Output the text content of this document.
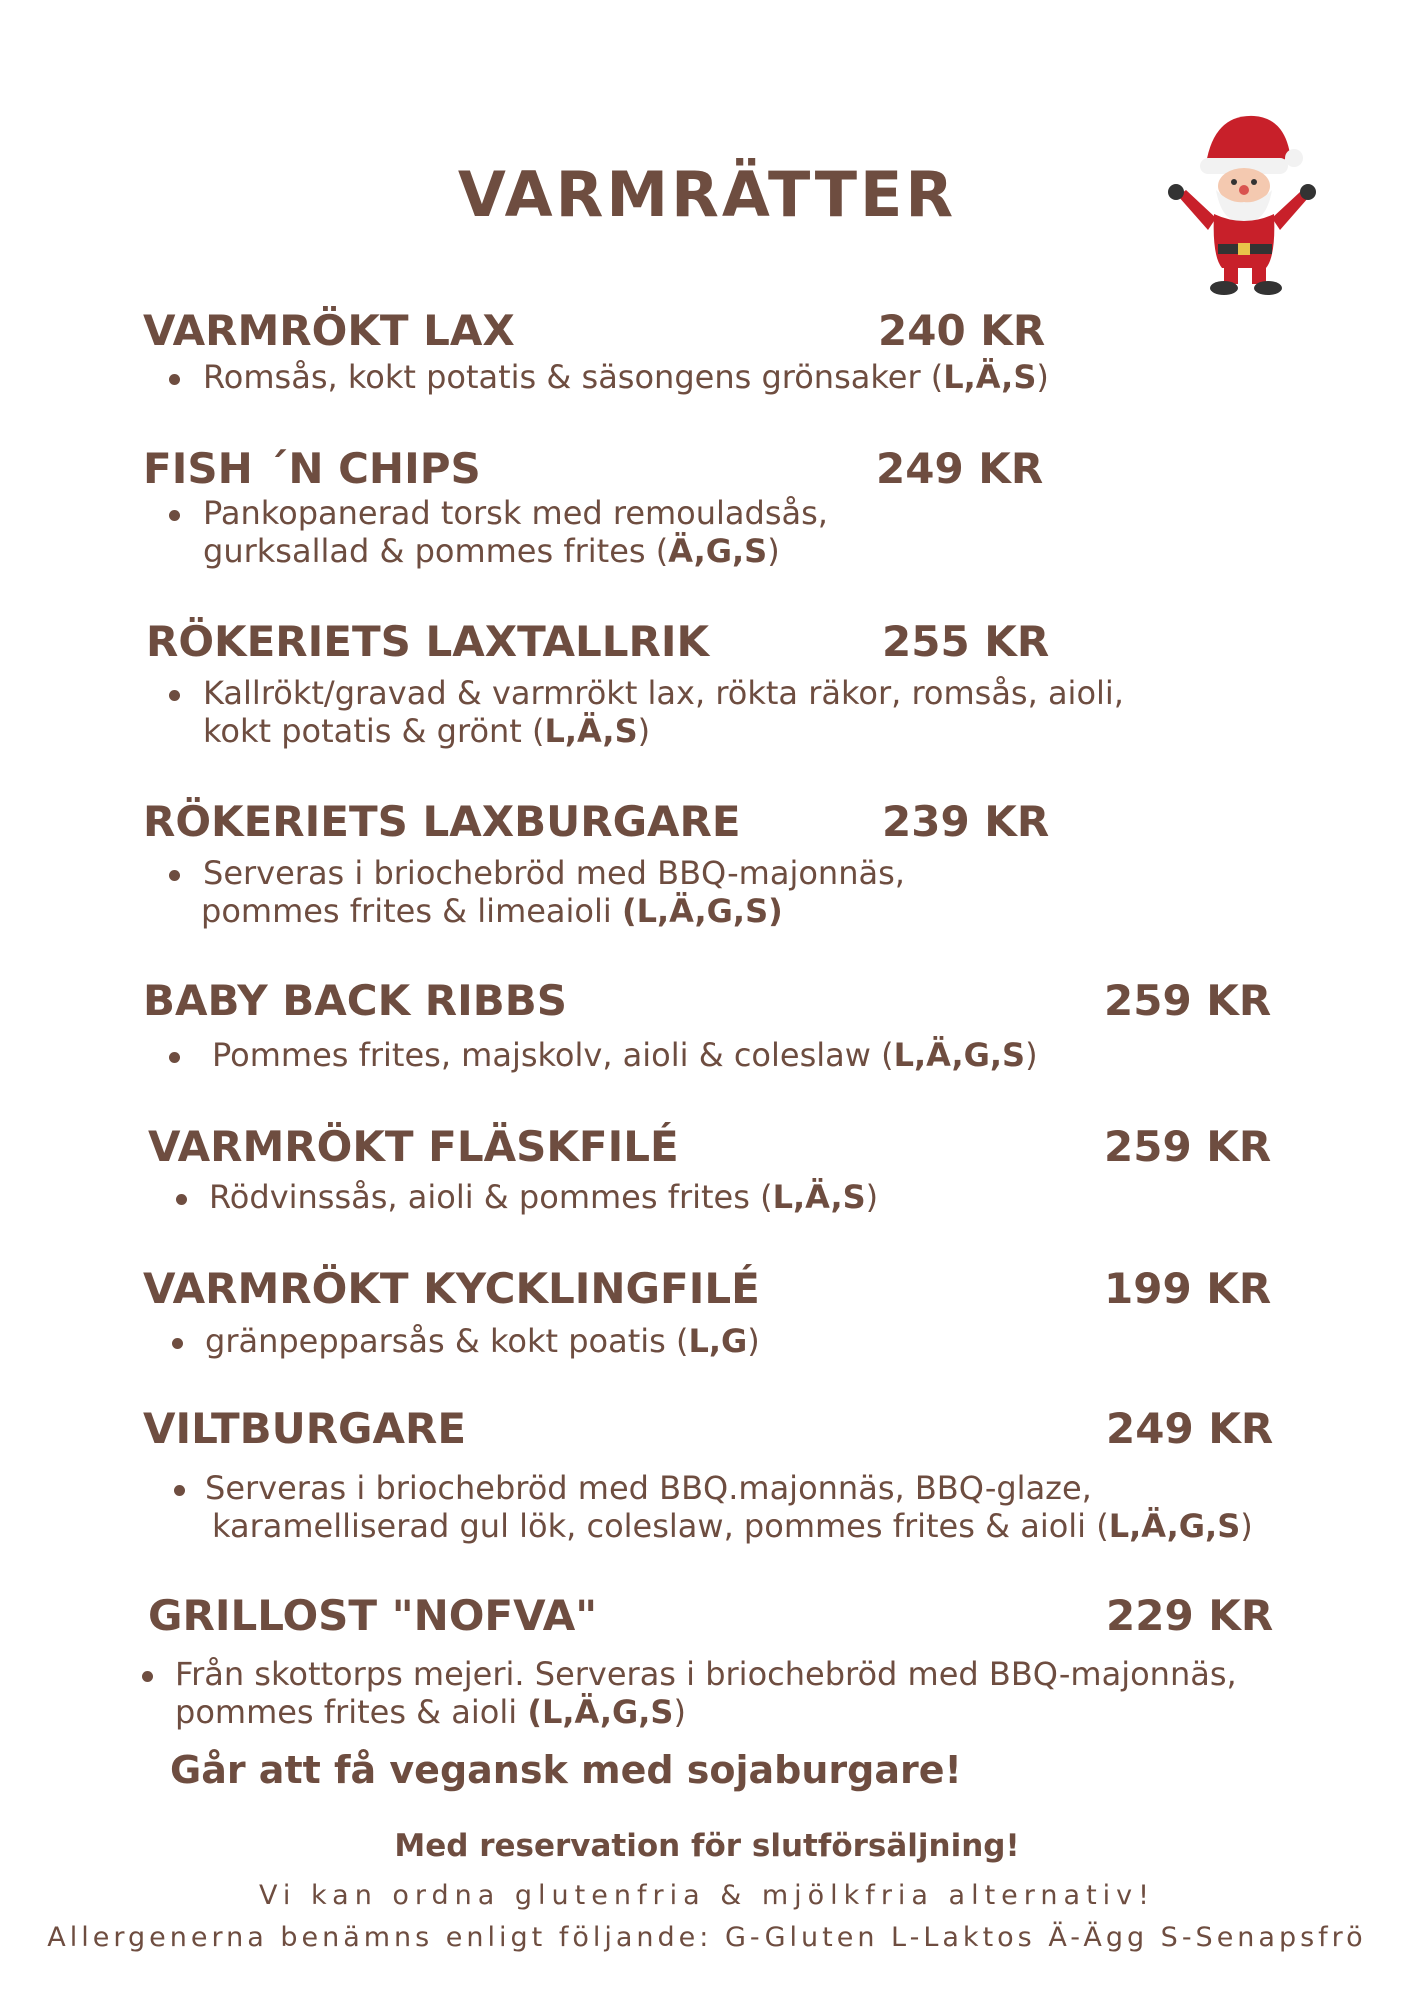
VARMRÄTTER
VARMRÖKT LAX	240 KR
Romsås, kokt potatis & säsongens grönsaker (L,Ä,S)
FISH ´N CHIPS	249 KR
Pankopanerad torsk med remouladsås,
gurksallad & pommes frites (Ä,G,S)
RÖKERIETS LAXTALLRIK	255 KR
Kallrökt/gravad & varmrökt lax, rökta räkor, romsås, aioli,
kokt potatis & grönt (L,Ä,S)
RÖKERIETS LAXBURGARE	239 KR
Serveras i briochebröd med BBQ-majonnäs,
pommes frites & limeaioli (L,Ä,G,S)
BABY BACK RIBBS	259 KR
Pommes frites, majskolv, aioli & coleslaw (L,Ä,G,S)
VARMRÖKT FLÄSKFILÉ	259 KR
Rödvinssås, aioli & pommes frites (L,Ä,S)
VARMRÖKT KYCKLINGFILÉ	199 KR
gränpepparsås & kokt poatis (L,G)
VILTBURGARE	249 KR
Serveras i briochebröd med BBQ.majonnäs, BBQ-glaze,
karamelliserad gul lök, coleslaw, pommes frites & aioli (L,Ä,G,S)
GRILLOST "NOFVA"	229 KR
Från skottorps mejeri. Serveras i briochebröd med BBQ-majonnäs,
pommes frites & aioli (L,Ä,G,S)
Går att få vegansk med sojaburgare!
Med reservation för slutförsäljning!
Vi kan ordna glutenfria & mjölkfria alternativ!
Allergenerna benämns enligt följande: G-Gluten L-Laktos Ä-Ägg S-Senapsfrö
